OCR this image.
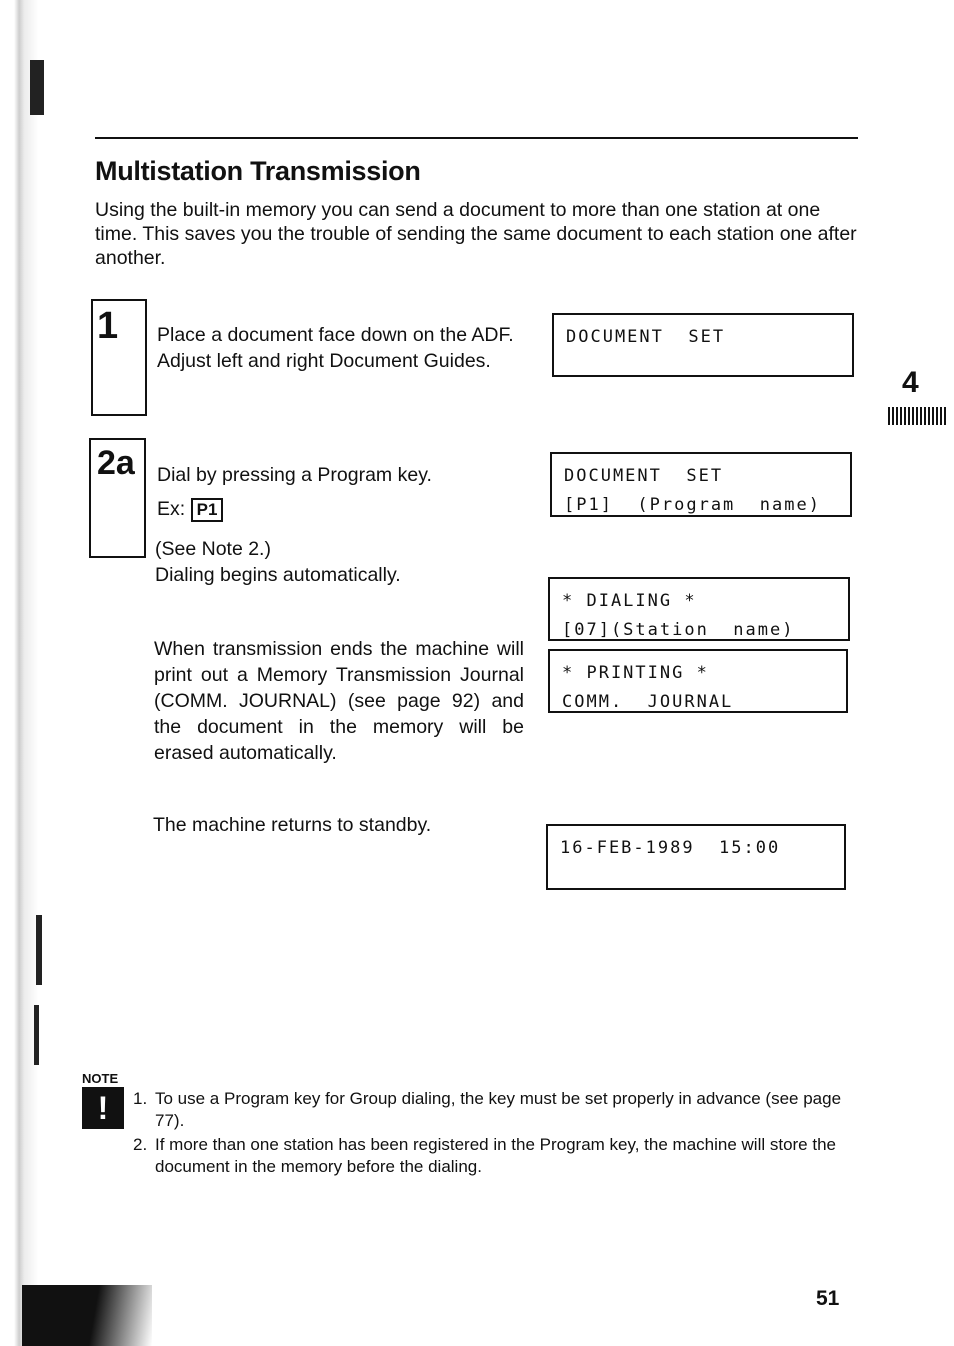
Multistation Transmission

Using the built-in memory you can send a document to more than one station at one time. This saves you the trouble of sending the same document to each station one after another.

4
1 Place a document face down on the ADF.
Adjust left and right Document Guides.

DOCUMENT  SET
2a Dial by pressing a Program key.
Ex: P1

(See Note 2.)
Dialing begins automatically.

DOCUMENT  SET
[P1]  (Program  name)
* DIALING *
[07](Station  name)

When transmission ends the machine will print out a Memory Transmission Journal (COMM. JOURNAL) (see page 92) and the document in the memory will be erased automatically.

* PRINTING *
COMM.  JOURNAL

The machine returns to standby.

16-FEB-1989  15:00
NOTE
!	1. To use a Program key for Group dialing, the key must be set properly in advance (see page 77).
2. If more than one station has been registered in the Program key, the machine will store the document in the memory before the dialing.
51
